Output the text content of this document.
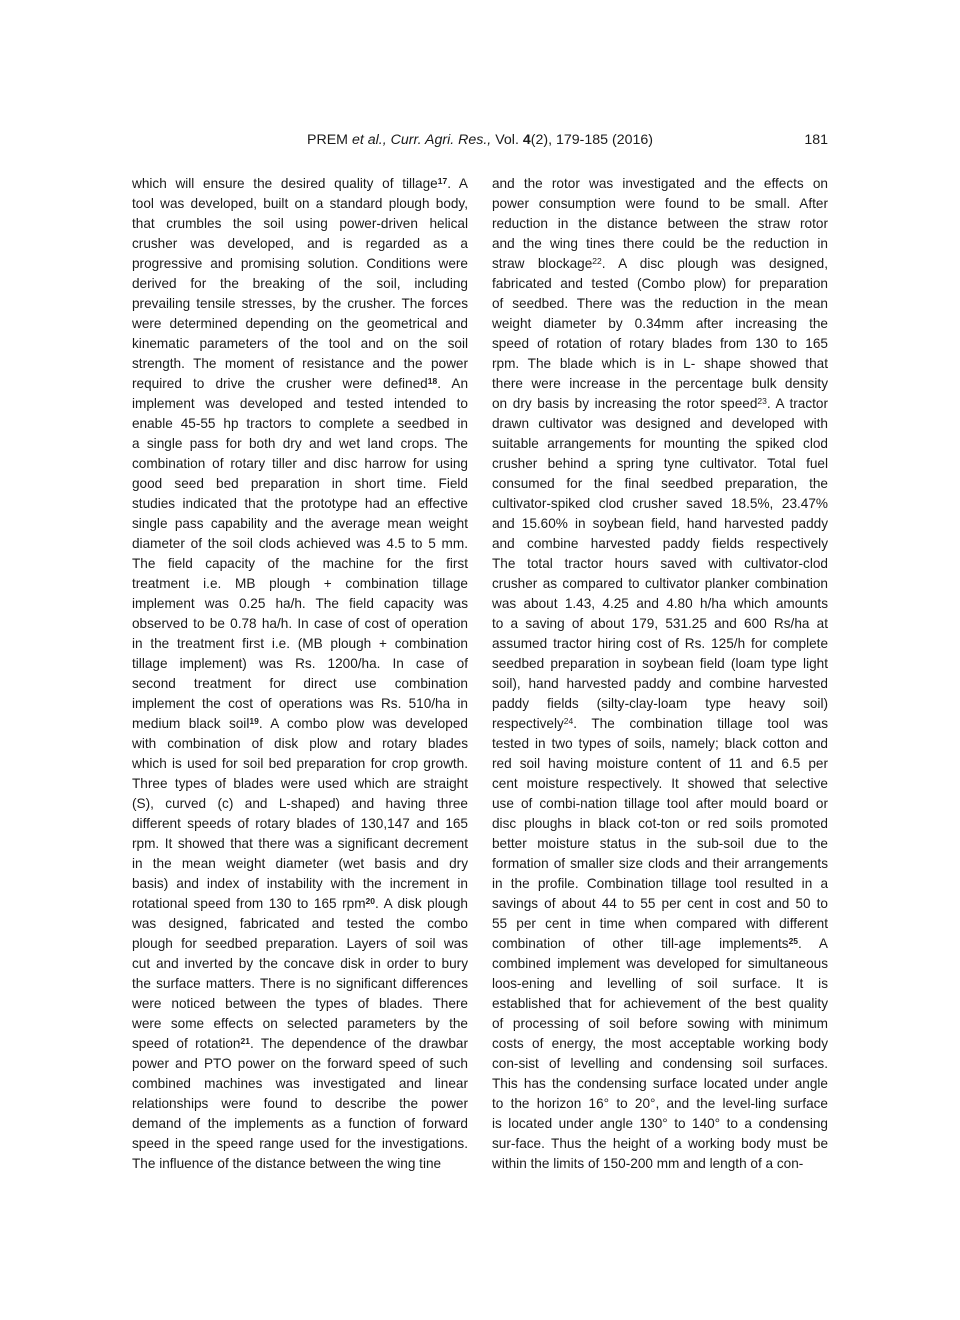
PREM et al., Curr. Agri. Res., Vol. 4(2), 179-185 (2016)	181
which will ensure the desired quality of tillage$^{17}$. A
tool was developed, built on a standard plough body,
that crumbles the soil using power-driven helical
crusher was developed, and is regarded as a
progressive and promising solution. Conditions were
derived for the breaking of the soil, including
prevailing tensile stresses, by the crusher. The forces
were determined depending on the geometrical and
kinematic parameters of the tool and on the soil
strength. The moment of resistance and the power
required to drive the crusher were defined$^{18}$. An
implement was developed and tested intended to
enable 45-55 hp tractors to complete a seedbed in
a single pass for both dry and wet land crops. The
combination of rotary tiller and disc harrow for using
good seed bed preparation in short time. Field
studies indicated that the prototype had an effective
single pass capability and the average mean weight
diameter of the soil clods achieved was 4.5 to 5 mm.
The field capacity of the machine for the first
treatment i.e. MB plough + combination tillage
implement was 0.25 ha/h. The field capacity was
observed to be 0.78 ha/h. In case of cost of operation
in the treatment first i.e. (MB plough + combination
tillage implement) was Rs. 1200/ha. In case of
second treatment for direct use combination
implement the cost of operations was Rs. 510/ha in
medium black soil$^{19}$. A combo plow was developed
with combination of disk plow and rotary blades
which is used for soil bed preparation for crop growth.
Three types of blades were used which are straight
(S), curved (c) and L-shaped) and having three
different speeds of rotary blades of 130,147 and 165
rpm. It showed that there was a significant decrement
in the mean weight diameter (wet basis and dry
basis) and index of instability with the increment in
rotational speed from 130 to 165 rpm$^{20}$. A disk plough
was designed, fabricated and tested the combo
plough for seedbed preparation. Layers of soil was
cut and inverted by the concave disk in order to bury
the surface matters. There is no significant differences
were noticed between the types of blades. There
were some effects on selected parameters by the
speed of rotation$^{21}$. The dependence of the drawbar
power and PTO power on the forward speed of such
combined machines was investigated and linear
relationships were found to describe the power
demand of the implements as a function of forward
speed in the speed range used for the investigations.
The influence of the distance between the wing tine
and the rotor was investigated and the effects on
power consumption were found to be small. After
reduction in the distance between the straw rotor
and the wing tines there could be the reduction in
straw blockage$^{22}$. A disc plough was designed,
fabricated and tested (Combo plow) for preparation
of seedbed. There was the reduction in the mean
weight diameter by 0.34mm after increasing the
speed of rotation of rotary blades from 130 to 165
rpm. The blade which is in L- shape showed that
there were increase in the percentage bulk density
on dry basis by increasing the rotor speed$^{23}$. A tractor
drawn cultivator was designed and developed with
suitable arrangements for mounting the spiked clod
crusher behind a spring tyne cultivator. Total fuel
consumed for the final seedbed preparation, the
cultivator-spiked clod crusher saved 18.5%, 23.47%
and 15.60% in soybean field, hand harvested paddy
and combine harvested paddy fields respectively
The total tractor hours saved with cultivator-clod
crusher as compared to cultivator planker combination
was about 1.43, 4.25 and 4.80 h/ha which amounts
to a saving of about 179, 531.25 and 600 Rs/ha at
assumed tractor hiring cost of Rs. 125/h for complete
seedbed preparation in soybean field (loam type light
soil), hand harvested paddy and combine harvested
paddy fields (silty-clay-loam type heavy soil)
respectively$^{24}$. The combination tillage tool was
tested in two types of soils, namely; black cotton and
red soil having moisture content of 11 and 6.5 per
cent moisture respectively. It showed that selective
use of combi-nation tillage tool after mould board or
disc ploughs in black cot-ton or red soils promoted
better moisture status in the sub-soil due to the
formation of smaller size clods and their arrangements
in the profile. Combination tillage tool resulted in a
savings of about 44 to 55 per cent in cost and 50 to
55 per cent in time when compared with different
combination of other till-age implements$^{25}$. A
combined implement was developed for simultaneous
loos-ening and levelling of soil surface. It is
established that for achievement of the best quality
of processing of soil before sowing with minimum
costs of energy, the most acceptable working body
con-sist of levelling and condensing soil surfaces.
This has the condensing surface located under angle
to the horizon 16° to 20°, and the level-ling surface
is located under angle 130° to 140° to a condensing
sur-face. Thus the height of a working body must be
within the limits of 150-200 mm and length of a con-
